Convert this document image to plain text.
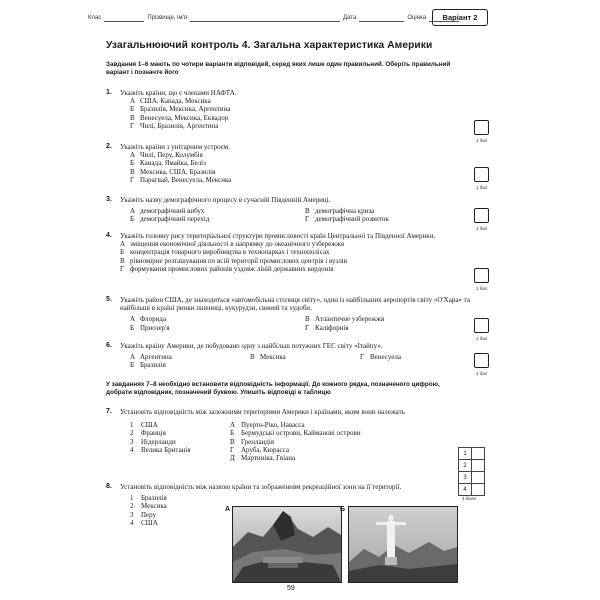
Клас	Прізвище, ім'я	Дата	Оцінка	Варіант 2
Узагальнюючий контроль 4. Загальна характеристика Америки
Завдання 1–6 мають по чотири варіанти відповідей, серед яких лише один правильний. Оберіть правильний варіант і позначте його
1. Укажіть країни, що є членами НАФТА.
А США, Канада, Мексика
Б Бразилія, Мексика, Аргентина
В Венесуела, Мексика, Еквадор
Г Чилі, Бразилія, Аргентина
1 бал
2. Укажіть країни з унітарним устроєм.
А Чилі, Перу, Колумбія
Б Канада, Ямайка, Беліз
В Мексика, США, Бразилія
Г Парагвай, Венесуела, Мексика
1 бал
3. Укажіть назву демографічного процесу в сучасній Південній Америці.
А демографічний вибух
Б демографічний перехід
В демографічна криза
Г демографічний розвиток
1 бал
4. Укажіть головну рису територіальної структури промисловості країн Центральної та Південної Америки.
А зміщення економічної діяльності в напрямку до океанічного узбережжя
Б концентрація товарного виробництва в технопарках і технополісах
В рівномірне розташування по всій території промислових центрів і вузлів
Г формування промислових районів уздовж ліній державних кордонів
1 бал
5. Укажіть район США, де знаходиться «автомобільна столиця світу», один із найбільших аеропортів світу «О'Хара» та найбільші в країні ринки пшениці, кукурудзи, свиней та худоби.
А Флорида
Б Приозер'я
В Атлантичне узбережжя
Г Каліфорнія
1 бал
6. Укажіть країну Америки, де побудовано одну з найбільш потужних ГЕС світу «Ітайпу».
А Аргентина
Б Бразилія
В Мексика	Г Венесуела
1 бал
У завданнях 7–8 необхідно встановити відповідність інформації. До кожного рядка, позначеного цифрою, добрати відповідник, позначений буквою. Упишіть відповіді в таблицю
7. Установіть відповідність між залежними територіями Америки і країнами, яким вони належать
1 США
2 Франція
3 Нідерланди
4 Велика Британія
А Пуерто-Ріко, Навасса
Б Бермудські острови, Кайманові острови
В Гренландія
Г Аруба, Кюрасса
Д Мартиніка, Гвіана
1
2
3
4
4 бали
8. Установіть відповідність між назвою країни та зображенням рекреаційної зони на її території.
1 Бразилія
2 Мексика
3 Перу
4 США
А	Б
59
